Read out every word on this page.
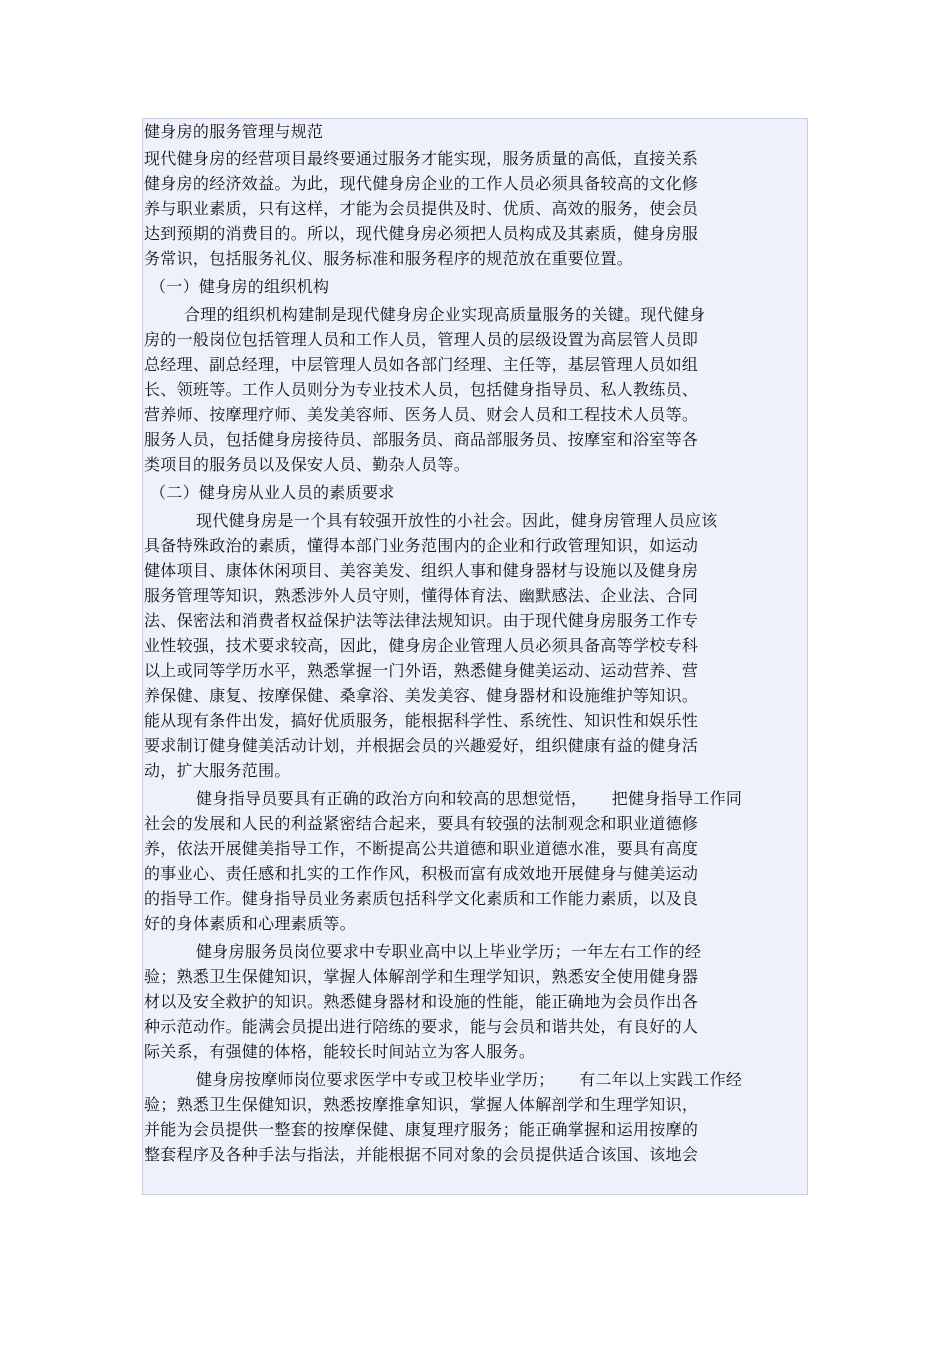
健身房的服务管理与规范
现代健身房的经营项目最终要通过服务才能实现，服务质量的高低，直接关系
健身房的经济效益。为此，现代健身房企业的工作人员必须具备较高的文化修
养与职业素质，只有这样，才能为会员提供及时、优质、高效的服务，使会员
达到预期的消费目的。所以，现代健身房必须把人员构成及其素质，健身房服
务常识，包括服务礼仪、服务标准和服务程序的规范放在重要位置。
（一）健身房的组织机构
合理的组织机构建制是现代健身房企业实现高质量服务的关键。现代健身
房的一般岗位包括管理人员和工作人员，管理人员的层级设置为高层管人员即
总经理、副总经理，中层管理人员如各部门经理、主任等，基层管理人员如组
长、领班等。工作人员则分为专业技术人员，包括健身指导员、私人教练员、
营养师、按摩理疗师、美发美容师、医务人员、财会人员和工程技术人员等。
服务人员，包括健身房接待员、部服务员、商品部服务员、按摩室和浴室等各
类项目的服务员以及保安人员、勤杂人员等。
（二）健身房从业人员的素质要求
现代健身房是一个具有较强开放性的小社会。因此，健身房管理人员应该
具备特殊政治的素质，懂得本部门业务范围内的企业和行政管理知识，如运动
健体项目、康体休闲项目、美容美发、组织人事和健身器材与设施以及健身房
服务管理等知识，熟悉涉外人员守则，懂得体育法、幽默感法、企业法、合同
法、保密法和消费者权益保护法等法律法规知识。由于现代健身房服务工作专
业性较强，技术要求较高，因此，健身房企业管理人员必须具备高等学校专科
以上或同等学历水平，熟悉掌握一门外语，熟悉健身健美运动、运动营养、营
养保健、康复、按摩保健、桑拿浴、美发美容、健身器材和设施维护等知识。
能从现有条件出发，搞好优质服务，能根据科学性、系统性、知识性和娱乐性
要求制订健身健美活动计划，并根据会员的兴趣爱好，组织健康有益的健身活
动，扩大服务范围。
健身指导员要具有正确的政治方向和较高的思想觉悟，　　把健身指导工作同
社会的发展和人民的利益紧密结合起来，要具有较强的法制观念和职业道德修
养，依法开展健美指导工作，不断提高公共道德和职业道德水准，要具有高度
的事业心、责任感和扎实的工作作风，积极而富有成效地开展健身与健美运动
的指导工作。健身指导员业务素质包括科学文化素质和工作能力素质，以及良
好的身体素质和心理素质等。
健身房服务员岗位要求中专职业高中以上毕业学历；一年左右工作的经
验；熟悉卫生保健知识，掌握人体解剖学和生理学知识，熟悉安全使用健身器
材以及安全救护的知识。熟悉健身器材和设施的性能，能正确地为会员作出各
种示范动作。能满会员提出进行陪练的要求，能与会员和谐共处，有良好的人
际关系，有强健的体格，能较长时间站立为客人服务。
健身房按摩师岗位要求医学中专或卫校毕业学历；　　有二年以上实践工作经
验；熟悉卫生保健知识，熟悉按摩推拿知识，掌握人体解剖学和生理学知识，
并能为会员提供一整套的按摩保健、康复理疗服务；能正确掌握和运用按摩的
整套程序及各种手法与指法，并能根据不同对象的会员提供适合该国、该地会
